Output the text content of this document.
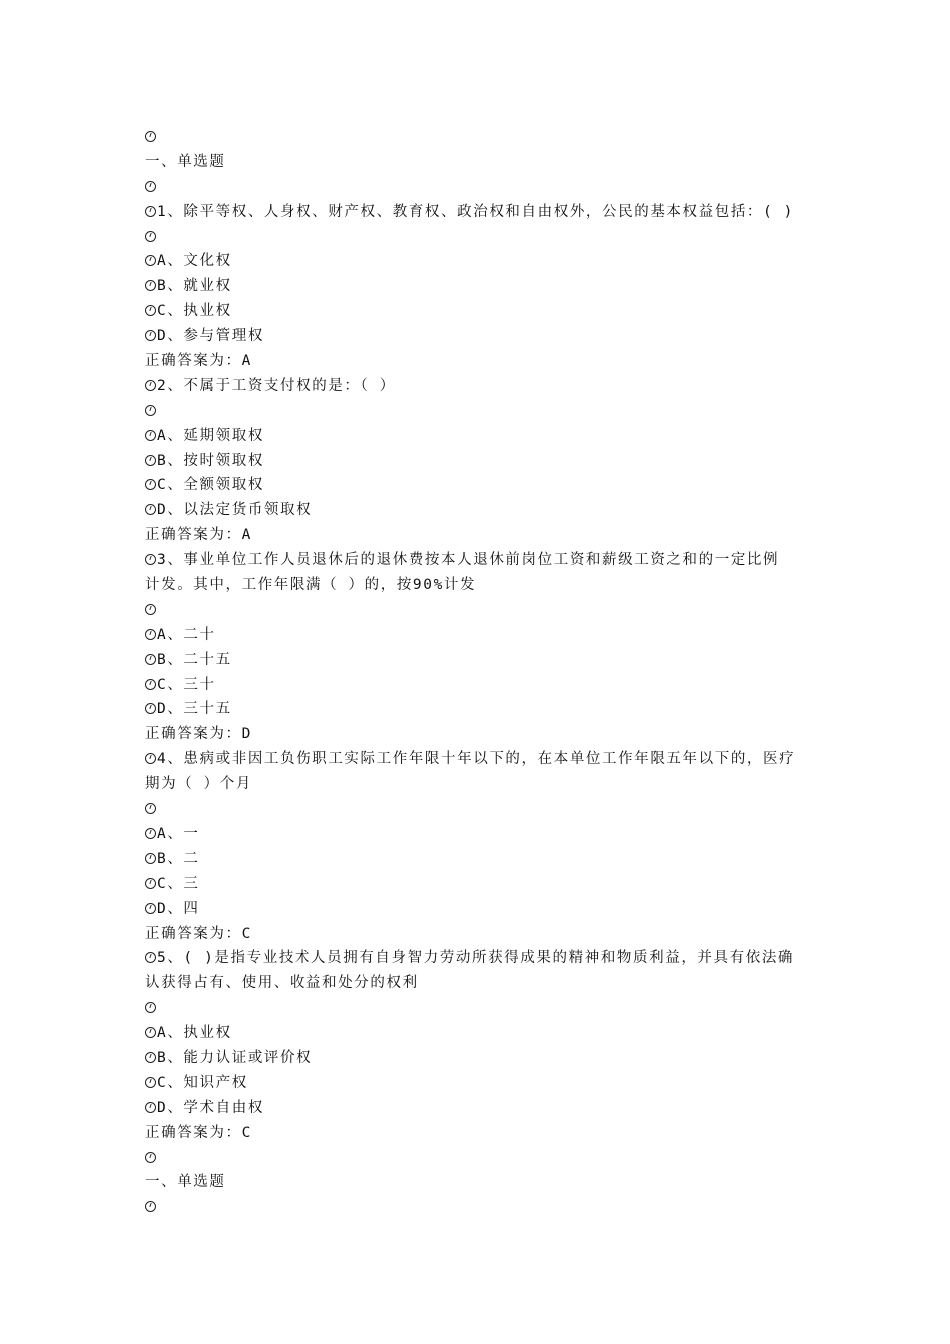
一、单选题
1、除平等权、人身权、财产权、教育权、政治权和自由权外，公民的基本权益包括：( )
A、文化权
B、就业权
C、执业权
D、参与管理权
正确答案为：A
2、不属于工资支付权的是：（ ）
A、延期领取权
B、按时领取权
C、全额领取权
D、以法定货币领取权
正确答案为：A
3、事业单位工作人员退休后的退休费按本人退休前岗位工资和薪级工资之和的一定比例
计发。其中，工作年限满（ ）的，按90%计发
A、二十
B、二十五
C、三十
D、三十五
正确答案为：D
4、患病或非因工负伤职工实际工作年限十年以下的，在本单位工作年限五年以下的，医疗
期为（ ）个月
A、一
B、二
C、三
D、四
正确答案为：C
5、( )是指专业技术人员拥有自身智力劳动所获得成果的精神和物质利益，并具有依法确
认获得占有、使用、收益和处分的权利
A、执业权
B、能力认证或评价权
C、知识产权
D、学术自由权
正确答案为：C
一、单选题
